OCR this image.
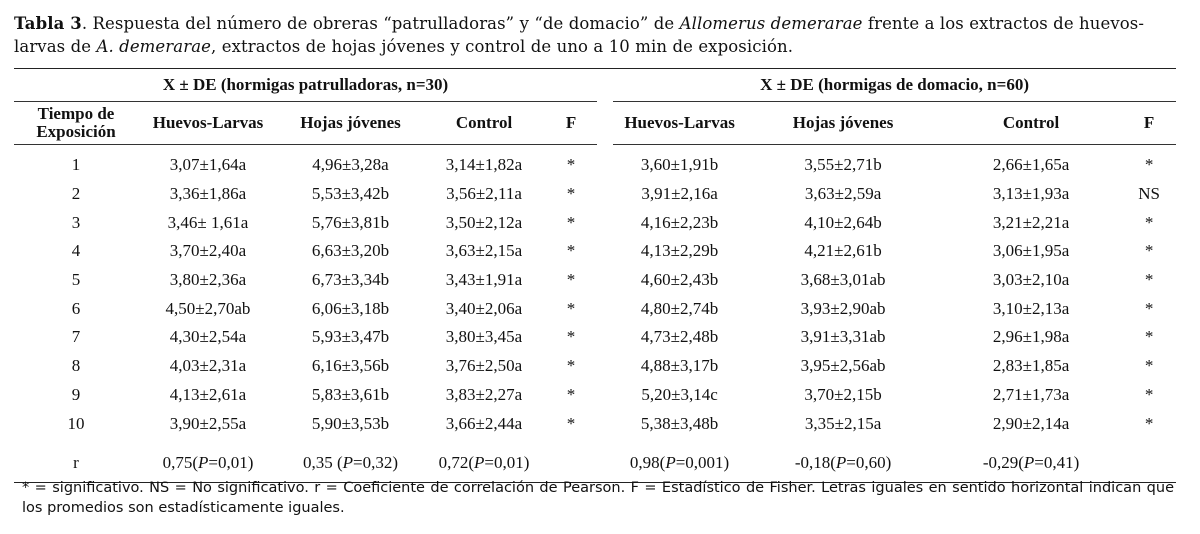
Tabla 3. Respuesta del número de obreras “patrulladoras” y “de domacio” de Allomerus demerarae frente a los extractos de huevos-larvas de A. demerarae, extractos de hojas jóvenes y control de uno a 10 min de exposición.
X ± DE (hormigas patrulladoras, n=30)						X ± DE (hormigas de domacio, n=60)			
Tiempo de
Exposición	Huevos-Larvas	Hojas jóvenes	Control	F		Huevos-Larvas	Hojas jóvenes	Control	F
1	3,07±1,64a	4,96±3,28a	3,14±1,82a	*		3,60±1,91b	3,55±2,71b	2,66±1,65a	*
2	3,36±1,86a	5,53±3,42b	3,56±2,11a	*		3,91±2,16a	3,63±2,59a	3,13±1,93a	NS
3	3,46± 1,61a	5,76±3,81b	3,50±2,12a	*		4,16±2,23b	4,10±2,64b	3,21±2,21a	*
4	3,70±2,40a	6,63±3,20b	3,63±2,15a	*		4,13±2,29b	4,21±2,61b	3,06±1,95a	*
5	3,80±2,36a	6,73±3,34b	3,43±1,91a	*		4,60±2,43b	3,68±3,01ab	3,03±2,10a	*
6	4,50±2,70ab	6,06±3,18b	3,40±2,06a	*		4,80±2,74b	3,93±2,90ab	3,10±2,13a	*
7	4,30±2,54a	5,93±3,47b	3,80±3,45a	*		4,73±2,48b	3,91±3,31ab	2,96±1,98a	*
8	4,03±2,31a	6,16±3,56b	3,76±2,50a	*		4,88±3,17b	3,95±2,56ab	2,83±1,85a	*
9	4,13±2,61a	5,83±3,61b	3,83±2,27a	*		5,20±3,14c	3,70±2,15b	2,71±1,73a	*
10	3,90±2,55a	5,90±3,53b	3,66±2,44a	*		5,38±3,48b	3,35±2,15a	2,90±2,14a	*
r	0,75(P=0,01)	0,35 (P=0,32)	0,72(P=0,01)			0,98(P=0,001)	-0,18(P=0,60)	-0,29(P=0,41)	
* = significativo. NS = No significativo. r = Coeficiente de correlación de Pearson. F = Estadístico de Fisher. Letras iguales en sentido horizontal indican que los promedios son estadísticamente iguales.
